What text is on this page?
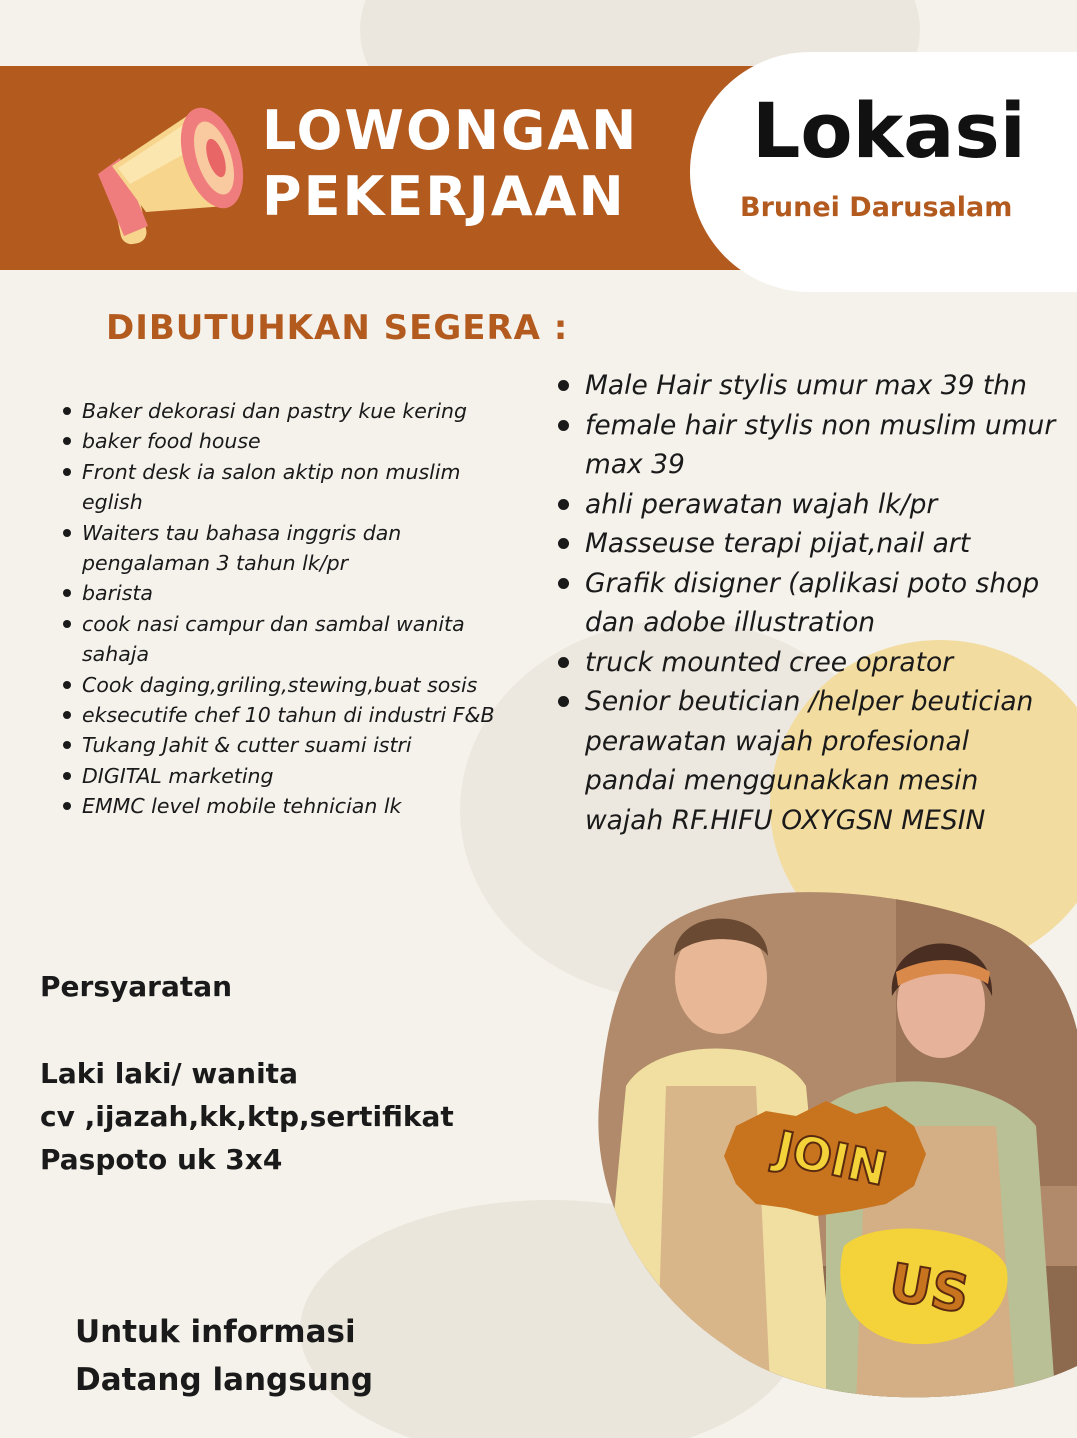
LOWONGAN
PEKERJAAN
Lokasi
Brunei Darusalam
DIBUTUHKAN SEGERA :
Baker dekorasi dan pastry kue kering
baker food house
Front desk ia salon aktip non muslim eglish
Waiters tau bahasa inggris dan pengalaman 3 tahun lk/pr
barista
cook nasi campur dan sambal wanita sahaja
Cook daging,griling,stewing,buat sosis
eksecutife chef 10 tahun di industri F&B
Tukang Jahit & cutter suami istri
DIGITAL marketing
EMMC level mobile tehnician lk
Male Hair stylis umur max 39 thn
female hair stylis non muslim umur max 39
ahli perawatan wajah lk/pr
Masseuse terapi pijat,nail art
Grafik disigner (aplikasi poto shop dan adobe illustration
truck mounted cree oprator
Senior beutician /helper beutician perawatan wajah profesional pandai menggunakkan mesin wajah RF.HIFU OXYGSN MESIN
Persyaratan
Laki laki/ wanita
cv ,ijazah,kk,ktp,sertifikat
Paspoto uk 3x4
Untuk informasi
Datang langsung
JOIN
US
